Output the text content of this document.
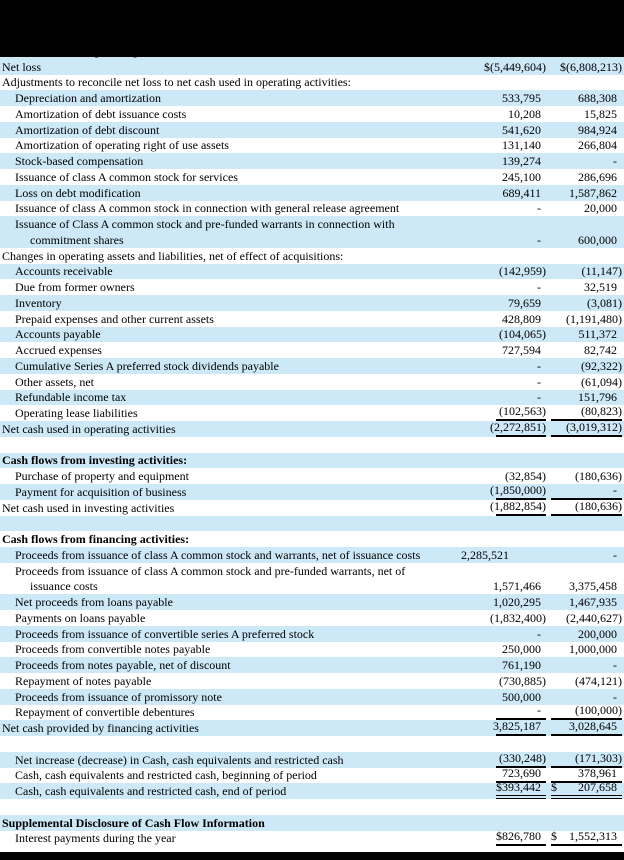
Net loss	$(5,449,604) $(6,808,213)
Adjustments to reconcile net loss to net cash used in operating activities:
Depreciation and amortization	533,795	688,308
Amortization of debt issuance costs	10,208	15,825
Amortization of debt discount	541,620	984,924
Amortization of operating right of use assets	131,140	266,804
Stock-based compensation	139,274	-
Issuance of class A common stock for services	245,100	286,696
Loss on debt modification	689,411 1,587,862
Issuance of class A common stock in connection with general release agreement	-	20,000
Issuance of Class A common stock and pre-funded warrants in connection with
commitment shares	-	600,000
Changes in operating assets and liabilities, net of effect of acquisitions:
Accounts receivable	(142,959)	(11,147)
Due from former owners	-	32,519
Inventory	79,659	(3,081)
Prepaid expenses and other current assets	428,809 (1,191,480)
Accounts payable	(104,065)	511,372
Accrued expenses	727,594	82,742
Cumulative Series A preferred stock dividends payable	-	(92,322)
Other assets, net	-	(61,094)
Refundable income tax	-	151,796
Operating lease liabilities	(102,563)	(80,823)
Net cash used in operating activities	(2,272,851) (3,019,312)
Cash flows from investing activities:
Purchase of property and equipment	(32,854) (180,636)
Payment for acquisition of business	(1,850,000)	-
Net cash used in investing activities	(1,882,854) (180,636)
Cash flows from financing activities:
Proceeds from issuance of class A common stock and warrants, net of issuance costs	2,285,521	-
Proceeds from issuance of class A common stock and pre-funded warrants, net of
issuance costs	1,571,466 3,375,458
Net proceeds from loans payable	1,020,295 1,467,935
Payments on loans payable	(1,832,400) (2,440,627)
Proceeds from issuance of convertible series A preferred stock	-	200,000
Proceeds from convertible notes payable	250,000 1,000,000
Proceeds from notes payable, net of discount	761,190	-
Repayment of notes payable	(730,885) (474,121)
Proceeds from issuance of promissory note	500,000	-
Repayment of convertible debentures	-	(100,000)
Net cash provided by financing activities	3,825,187 3,028,645
Net increase (decrease) in Cash, cash equivalents and restricted cash	(330,248) (171,303)
Cash, cash equivalents and restricted cash, beginning of period	723,690	378,961
Cash, cash equivalents and restricted cash, end of period	$ 393,442 $ 207,658
Supplemental Disclosure of Cash Flow Information
Interest payments during the year	$ 826,780 $ 1,552,313
